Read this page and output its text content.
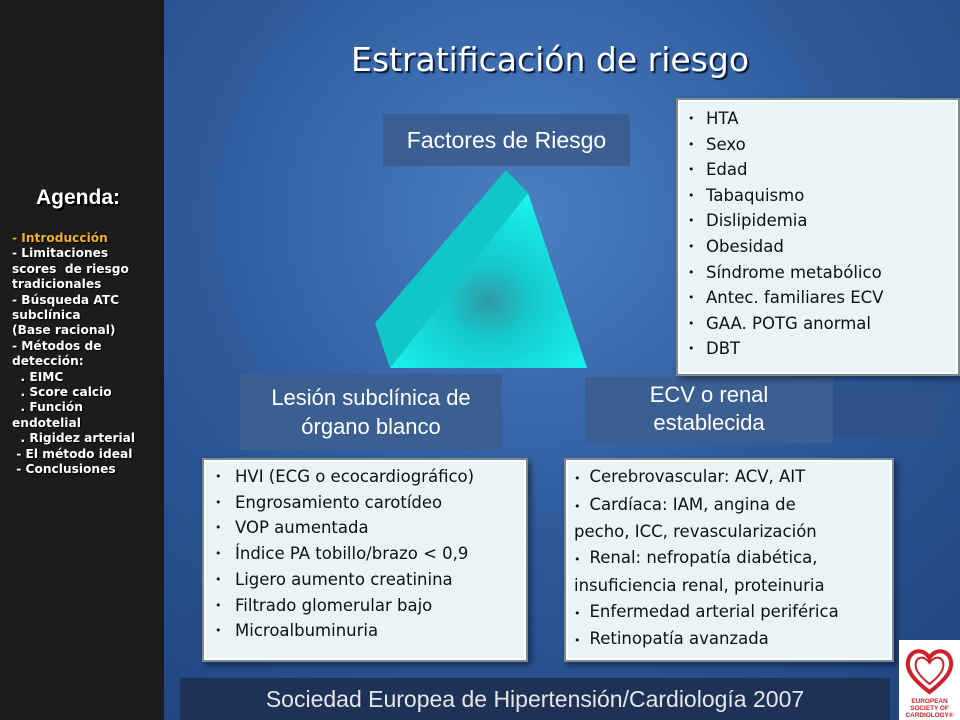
Agenda:
- Introducción
- Limitaciones
scores  de riesgo
tradicionales
- Búsqueda ATC
subclínica
(Base racional)
- Métodos de
detección:
. EIMC
. Score calcio
. Función
endotelial
. Rigidez arterial
- El método ideal
- Conclusiones
Estratificación de riesgo
Factores de Riesgo
Lesión subclínica de
órgano blanco
ECV o renal
establecida
• HTA
• Sexo
• Edad
• Tabaquismo
• Dislipidemia
• Obesidad
• Síndrome metabólico
• Antec. familiares ECV
• GAA. POTG anormal
• DBT
• HVI (ECG o ecocardiográfico)
• Engrosamiento carotídeo
• VOP aumentada
• Índice PA tobillo/brazo < 0,9
• Ligero aumento creatinina
• Filtrado glomerular bajo
• Microalbuminuria
• Cerebrovascular: ACV, AIT
• Cardíaca: IAM, angina de
pecho, ICC, revascularización
• Renal: nefropatía diabética,
insuficiencia renal, proteinuria
• Enfermedad arterial periférica
• Retinopatía avanzada
Sociedad Europea de Hipertensión/Cardiología 2007	EUROPEAN
SOCIETY OF
CARDIOLOGY®
